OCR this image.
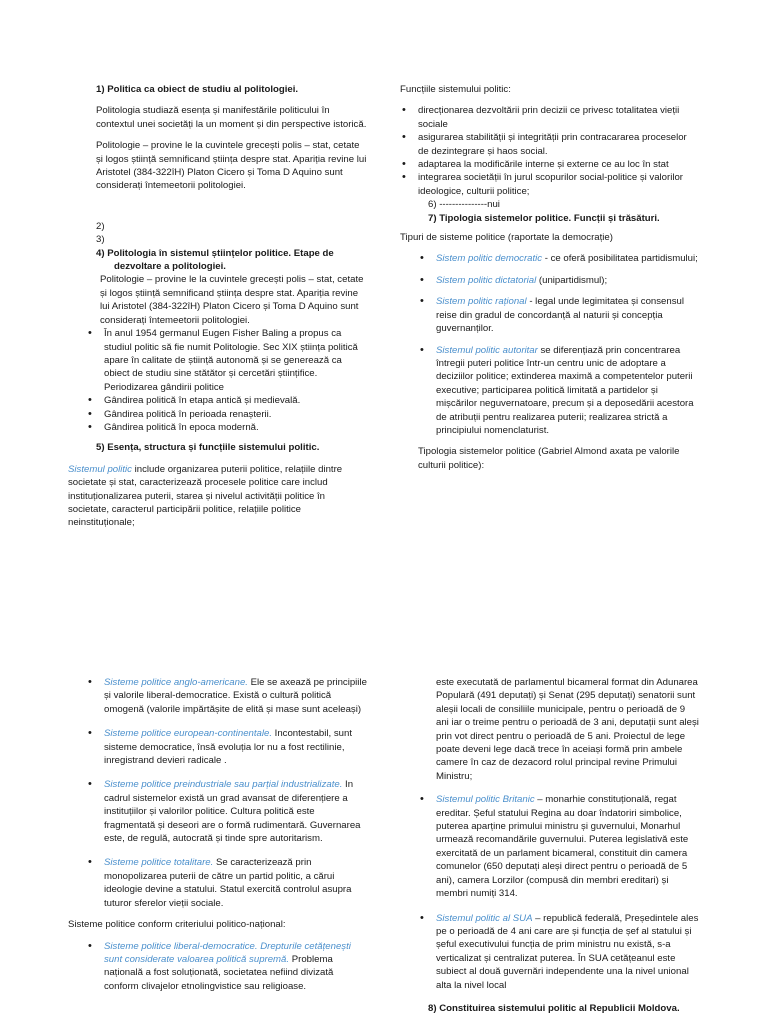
1) Politica ca obiect de studiu al politologiei.

Politologia studiază esența și manifestările politicului în contextul unei societăți la un moment și din perspective istorică.

Politologie – provine le la cuvintele grecești polis – stat, cetate și logos știință semnificand știința despre stat. Apariția revine lui Aristotel (384-322îH) Platon Cicero și Toma D Aquino sunt considerați întemeetorii politologiei.

2)

3)

4) Politologia în sistemul științelor politice. Etape de

dezvoltare a politologiei.

Politologie – provine le la cuvintele grecești polis – stat, cetate și logos știință semnificand știința despre stat. Apariția revine lui Aristotel (384-322îH) Platon Cicero și Toma D Aquino sunt considerați întemeetorii politologiei.

• În anul 1954 germanul Eugen Fisher Baling a propus ca studiul politic să fie numit Politologie. Sec XIX știința politică apare în calitate de știință autonomă și se generează ca obiect de studiu sine stătător și cercetări științifice. Periodizarea gândirii politice
• Gândirea politică în etapa antică și medievală.
• Gândirea politică în perioada renașterii.
• Gândirea politică în epoca modernă.

5) Esența, structura și funcțiile sistemului politic.

Sistemul politic include organizarea puterii politice, relațiile dintre societate și stat, caracterizează procesele politice care includ instituționalizarea puterii, starea și nivelul activității politice în societate, caracterul participării politice, relațiile politice neinstituționale;

Funcțiile sistemului politic:

• direcționarea dezvoltării prin decizii ce privesc totalitatea vieții sociale
• asigurarea stabilității și integrității prin contracararea proceselor de dezintegrare și haos social.
• adaptarea la modificările interne și externe ce au loc în stat
• integrarea societății în jurul scopurilor social-politice și valorilor ideologice, culturii politice;

6) ---------------nui

7) Tipologia sistemelor politice. Funcții și trăsături.

Tipuri de sisteme politice (raportate la democrație)

• Sistem politic democratic - ce oferă posibilitatea partidismului;
• Sistem politic dictatorial (unipartidismul);
• Sistem politic rațional - legal unde legimitatea și consensul reise din gradul de concordanță al naturii și concepția guvernanților.
• Sistemul politic autoritar se diferențiază prin concentrarea întregii puteri politice într-un centru unic de adoptare a deciziilor politice; extinderea maximă a competentelor puterii executive; participarea politică limitată a partidelor și mișcărilor neguvernatoare, precum și a deposedării acestora de atribuții pentru realizarea puterii; realizarea strictă a principiului nomenclaturist.

Tipologia sistemelor politice (Gabriel Almond axata pe valorile culturii politice):

• Sisteme politice anglo-americane. Ele se axează pe principiile și valorile liberal-democratice. Există o cultură politică omogenă (valorile impărtășite de elită și mase sunt aceleași)
• Sisteme politice european-continentale. Incontestabil, sunt sisteme democratice, însă evoluția lor nu a fost rectilinie, inregistrand devieri radicale .
• Sisteme politice preindustriale sau parțial industrializate. In cadrul sistemelor există un grad avansat de diferențiere a instituțiilor și valorilor politice. Cultura politică este fragmentată și deseori are o formă rudimentară. Guvernarea este, de regulă, autocrată și tinde spre autoritarism.
• Sisteme politice totalitare. Se caracterizează prin monopolizarea puterii de către un partid politic, a cărui ideologie devine a statului. Statul exercită controlul asupra tuturor sferelor vieții sociale.

Sisteme politice conform criteriului politico-național:

• Sisteme politice liberal-democratice. Drepturile cetățenești sunt considerate valoarea politică supremă. Problema națională a fost soluționată, societatea nefiind divizată conform clivajelor etnolingvistice sau religioase.

este executată de parlamentul bicameral format din Adunarea Populară (491 deputați) și Senat (295 deputați) senatorii sunt aleșii locali de consiliile municipale, pentru o perioadă de 9 ani iar o treime pentru o perioadă de 3 ani, deputații sunt aleși prin vot direct pentru o perioadă de 5 ani. Proiectul de lege poate deveni lege dacă trece în aceiași formă prin ambele camere în caz de dezacord rolul principal revine Primului Ministru;

• Sistemul politic Britanic – monarhie constituțională, regat ereditar. Șeful statului Regina au doar îndatoriri simbolice, puterea aparține primului ministru și guvernului, Monarhul urmează recomandările guvernului. Puterea legislativă este exercitată de un parlament bicameral, constituit din camera comunelor (650 deputați aleși direct pentru o perioadă de 5 ani), camera Lorzilor (compusă din membri ereditari) și membri numiți 314.
• Sistemul politic al SUA – republică federală, Președintele ales pe o perioadă de 4 ani care are și funcția de șef al statului și șeful executivului funcția de prim ministru nu există, s-a verticalizat și centralizat puterea. În SUA cetățeanul este subiect al două guvernări independente una la nivel unional alta la nivel local

8) Constituirea sistemului politic al Republicii Moldova.
